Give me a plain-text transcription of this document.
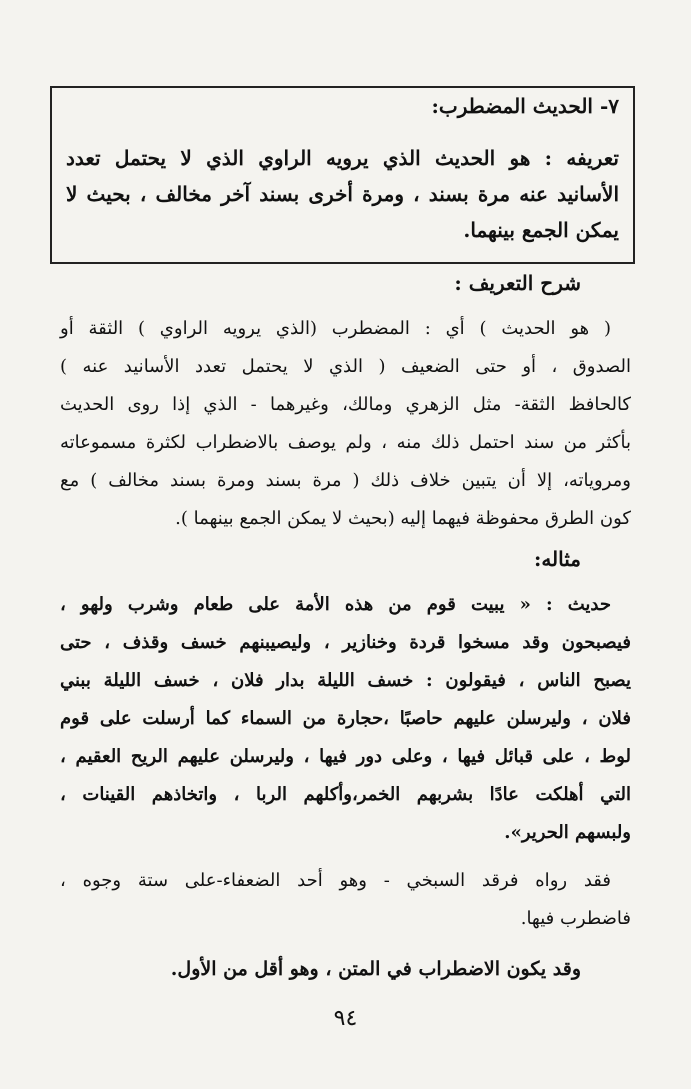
٧- الحديث المضطرب:
تعريفه : هو الحديث الذي يرويه الراوي الذي لا يحتمل تعدد
الأسانيد عنه مرة بسند ، ومرة أخرى بسند آخر مخالف ، بحيث لا
يمكن الجمع بينهما.
شرح التعريف :
( هو الحديث ) أي : المضطرب (الذي يرويه الراوي ) الثقة أو
الصدوق ، أو حتى الضعيف ( الذي لا يحتمل تعدد الأسانيد عنه )
كالحافظ الثقة- مثل الزهري ومالك، وغيرهما - الذي إذا روى الحديث
بأكثر من سند احتمل ذلك منه ، ولم يوصف بالاضطراب لكثرة مسموعاته
ومروياته، إلا أن يتبين خلاف ذلك ( مرة بسند ومرة بسند مخالف ) مع
كون الطرق محفوظة فيهما إليه (بحيث لا يمكن الجمع بينهما ).
مثاله:
حديث : « يبيت قوم من هذه الأمة على طعام وشرب ولهو ،
فيصبحون وقد مسخوا قردة وخنازير ، وليصيبنهم خسف وقذف ، حتى
يصبح الناس ، فيقولون : خسف الليلة بدار فلان ، خسف الليلة ببني
فلان ، وليرسلن عليهم حاصبًا ،حجارة من السماء كما أرسلت على قوم
لوط ، على قبائل فيها ، وعلى دور فيها ، وليرسلن عليهم الريح العقيم ،
التي أهلكت عادًا بشربهم الخمر،وأكلهم الربا ، واتخاذهم القينات ،
ولبسهم الحرير».
فقد رواه فرقد السبخي - وهو أحد الضعفاء-على ستة وجوه ،
فاضطرب فيها.
وقد يكون الاضطراب في المتن ، وهو أقل من الأول.
٩٤
